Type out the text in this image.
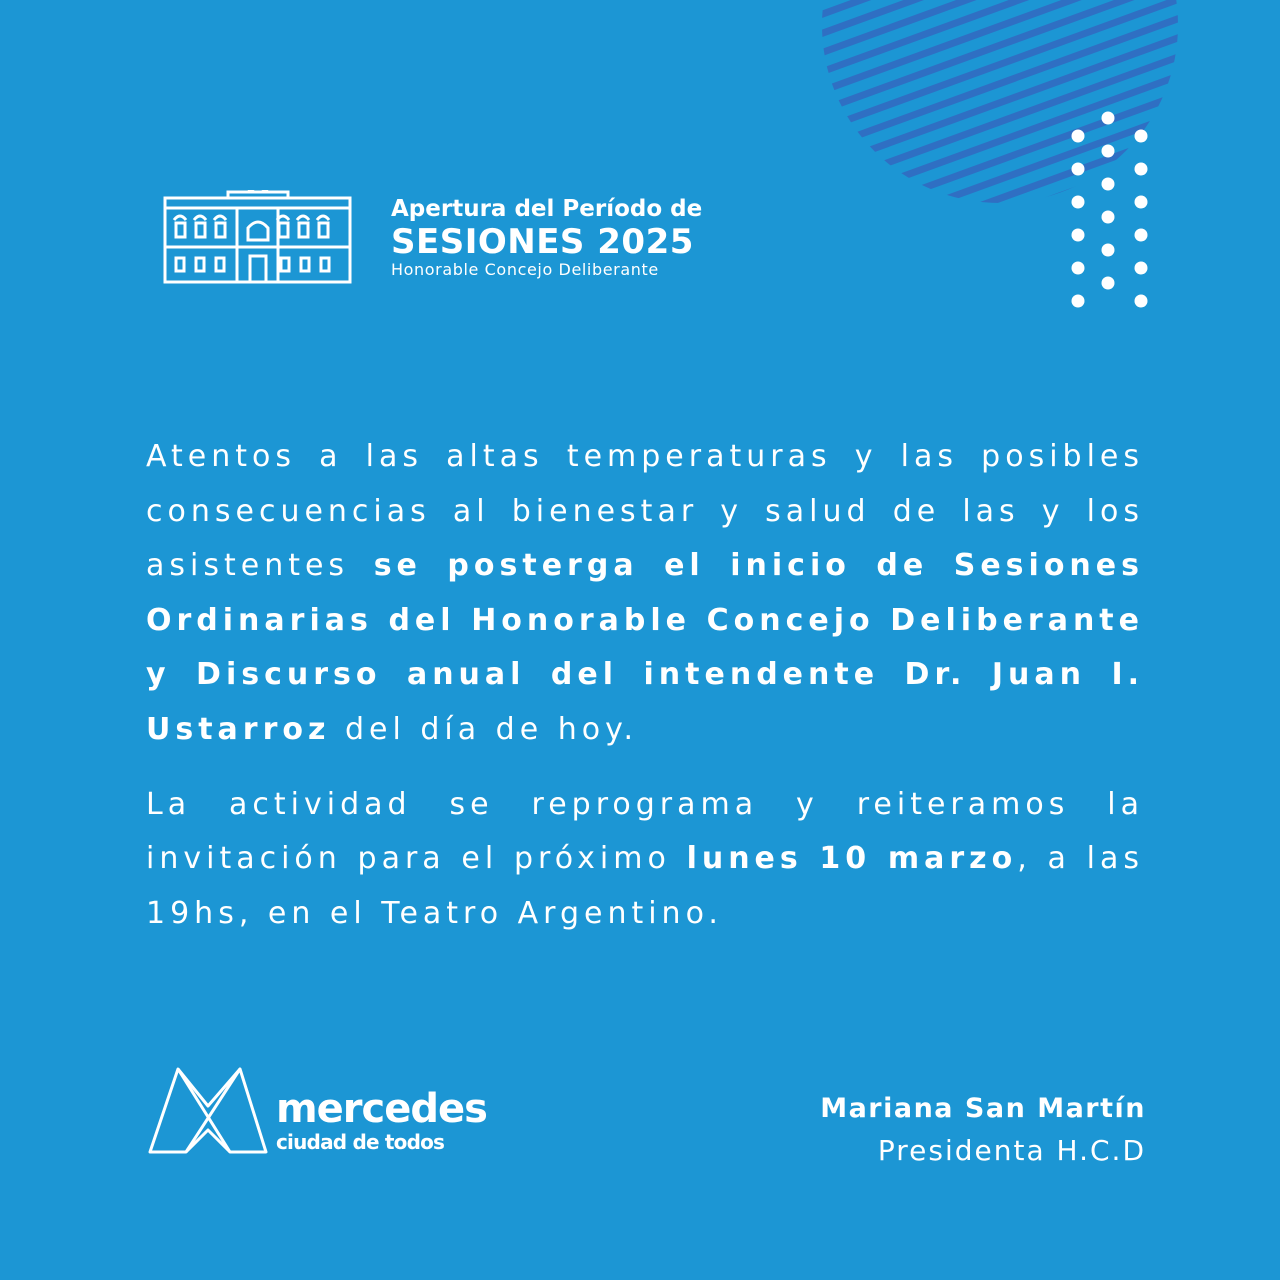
Apertura del Período de
SESIONES 2025
Honorable Concejo Deliberante

Atentos a las altas temperaturas y las posibles consecuencias al bienestar y salud de las y los asistentes se posterga el inicio de Sesiones Ordinarias del Honorable Concejo Deliberante y Discurso anual del intendente Dr. Juan I. Ustarroz del día de hoy.

La actividad se reprograma y reiteramos la invitación para el próximo lunes 10 marzo, a las 19hs, en el Teatro Argentino.

mercedes
ciudad de todos
Mariana San Martín
Presidenta H.C.D
